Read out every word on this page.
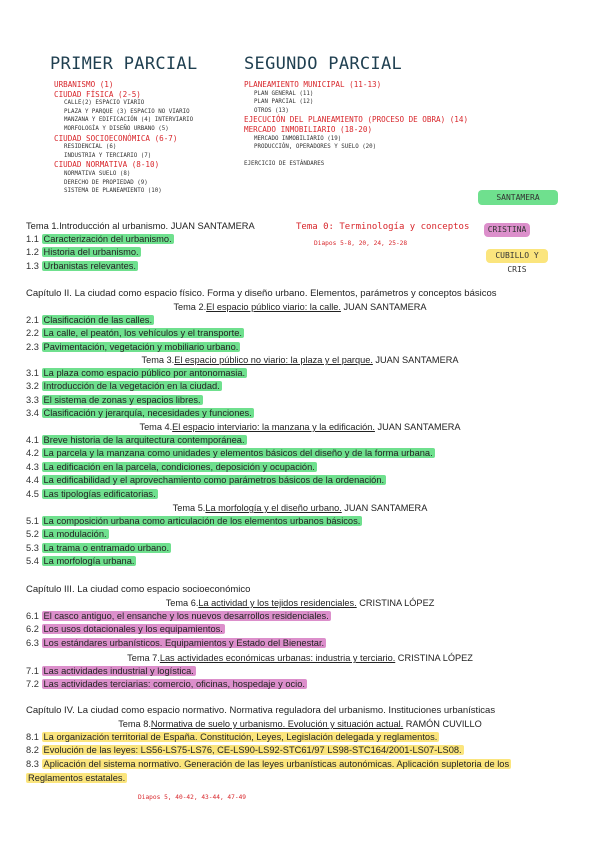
PRIMER PARCIAL	SEGUNDO PARCIAL
URBANISMO (1)
CIUDAD FÍSICA (2-5)
CALLE(2) ESPACIO VIARIO
PLAZA Y PARQUE (3) ESPACIO NO VIARIO
MANZANA Y EDIFICACIÓN (4) INTERVIARIO
MORFOLOGÍA Y DISEÑO URBANO (5)
CIUDAD SOCIOECONÓMICA (6-7)
RESIDENCIAL (6)
INDUSTRIA Y TERCIARIO (7)
CIUDAD NORMATIVA (8-10)
NORMATIVA SUELO (8)
DERECHO DE PROPIEDAD (9)
SISTEMA DE PLANEAMIENTO (10)
PLANEAMIENTO MUNICIPAL (11-13)
PLAN GENERAL (11)
PLAN PARCIAL (12)
OTROS (13)
EJECUCIÓN DEL PLANEAMIENTO (PROCESO DE OBRA) (14)
MERCADO INMOBILIARIO (18-20)
MERCADO INMOBILIARIO (19)
PRODUCCIÓN, OPERADORES Y SUELO (20)
EJERCICIO DE ESTÁNDARES
SANTAMERA
CRISTINA
CUBILLO Y CRIS
Tema 0: Terminología y conceptos
Diapos 5-8, 20, 24, 25-28
Tema 1.Introducción al urbanismo. JUAN SANTAMERA
1.1 Caracterización del urbanismo.
1.2 Historia del urbanismo.
1.3 Urbanistas relevantes.
Capítulo II. La ciudad como espacio físico. Forma y diseño urbano. Elementos, parámetros y conceptos básicos
Tema 2.El espacio público viario: la calle. JUAN SANTAMERA
2.1 Clasificación de las calles.
2.2 La calle, el peatón, los vehículos y el transporte.
2.3 Pavimentación, vegetación y mobiliario urbano.
Tema 3.El espacio público no viario: la plaza y el parque. JUAN SANTAMERA
3.1 La plaza como espacio público por antonomasia.
3.2 Introducción de la vegetación en la ciudad.
3.3 El sistema de zonas y espacios libres.
3.4 Clasificación y jerarquía, necesidades y funciones.
Tema 4.El espacio interviario: la manzana y la edificación. JUAN SANTAMERA
4.1 Breve historia de la arquitectura contemporánea.
4.2 La parcela y la manzana como unidades y elementos básicos del diseño y de la forma urbana.
4.3 La edificación en la parcela, condiciones, deposición y ocupación.
4.4 La edificabilidad y el aprovechamiento como parámetros básicos de la ordenación.
4.5 Las tipologías edificatorias.
Tema 5.La morfología y el diseño urbano. JUAN SANTAMERA
5.1 La composición urbana como articulación de los elementos urbanos básicos.
5.2 La modulación.
5.3 La trama o entramado urbano.
5.4 La morfología urbana.
Capítulo III. La ciudad como espacio socioeconómico
Tema 6.La actividad y los tejidos residenciales. CRISTINA LÓPEZ
6.1 El casco antiguo, el ensanche y los nuevos desarrollos residenciales.
6.2 Los usos dotacionales y los equipamientos.
6.3 Los estándares urbanísticos. Equipamientos y Estado del Bienestar.
Tema 7.Las actividades económicas urbanas: industria y terciario. CRISTINA LÓPEZ
7.1 Las actividades industrial y logística.
7.2 Las actividades terciarias: comercio, oficinas, hospedaje y ocio.
Capítulo IV. La ciudad como espacio normativo. Normativa reguladora del urbanismo. Instituciones urbanísticas
Tema 8.Normativa de suelo y urbanismo. Evolución y situación actual. RAMÓN CUVILLO
8.1 La organización territorial de España. Constitución, Leyes, Legislación delegada y reglamentos.
8.2 Evolución de las leyes: LS56-LS75-LS76, CE-LS90-LS92-STC61/97 LS98-STC164/2001-LS07-LS08.
8.3 Aplicación del sistema normativo. Generación de las leyes urbanísticas autonómicas. Aplicación supletoria de los
Reglamentos estatales.
Diapos 5, 40-42, 43-44, 47-49
